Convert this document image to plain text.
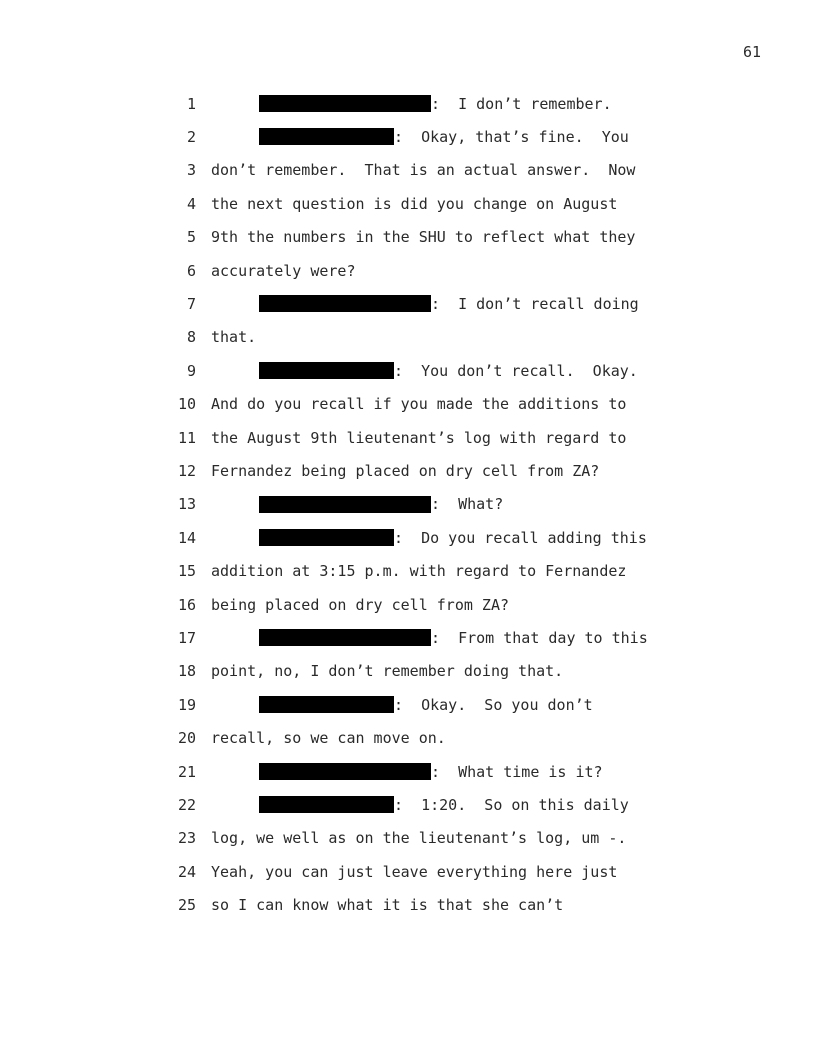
61
1	:  I don’t remember.
2	:  Okay, that’s fine.  You
3 don’t remember.  That is an actual answer.  Now
4 the next question is did you change on August
5 9th the numbers in the SHU to reflect what they
6 accurately were?
7	:  I don’t recall doing
8 that.
9	:  You don’t recall.  Okay.
10 And do you recall if you made the additions to
11 the August 9th lieutenant’s log with regard to
12 Fernandez being placed on dry cell from ZA?
13	:  What?
14	:  Do you recall adding this
15 addition at 3:15 p.m. with regard to Fernandez
16 being placed on dry cell from ZA?
17	:  From that day to this
18 point, no, I don’t remember doing that.
19	:  Okay.  So you don’t
20 recall, so we can move on.
21	:  What time is it?
22	:  1:20.  So on this daily
23 log, we well as on the lieutenant’s log, um -.
24 Yeah, you can just leave everything here just
25 so I can know what it is that she can’t
